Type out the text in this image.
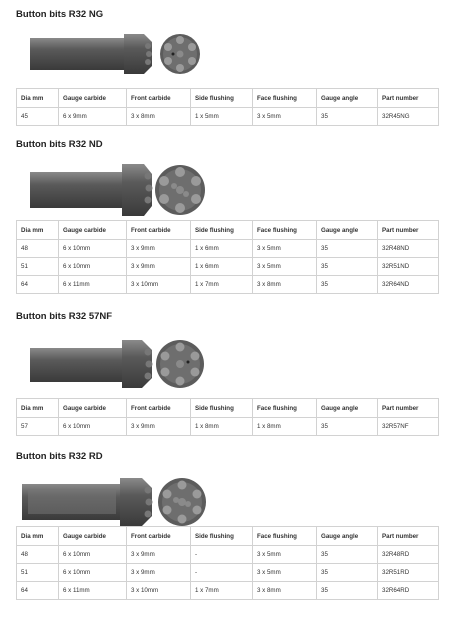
Button bits R32 NG
Dia mm	Gauge carbide	Front carbide	Side flushing	Face flushing	Gauge angle	Part number
45	6 x 9mm	3 x 8mm	1 x 5mm	3 x 5mm	35	32R45NG
Button bits R32 ND
Dia mm	Gauge carbide	Front carbide	Side flushing	Face flushing	Gauge angle	Part number
48	6 x 10mm	3 x 9mm	1 x 6mm	3 x 5mm	35	32R48ND
51	6 x 10mm	3 x 9mm	1 x 6mm	3 x 5mm	35	32R51ND
64	6 x 11mm	3 x 10mm	1 x 7mm	3 x 8mm	35	32R64ND
Button bits R32 57NF
Dia mm	Gauge carbide	Front carbide	Side flushing	Face flushing	Gauge angle	Part number
57	6 x 10mm	3 x 9mm	1 x 8mm	1 x 8mm	35	32R57NF
Button bits R32 RD
Dia mm	Gauge carbide	Front carbide	Side flushing	Face flushing	Gauge angle	Part number
48	6 x 10mm	3 x 9mm	-	3 x 5mm	35	32R48RD
51	6 x 10mm	3 x 9mm	-	3 x 5mm	35	32R51RD
64	6 x 11mm	3 x 10mm	1 x 7mm	3 x 8mm	35	32R64RD
